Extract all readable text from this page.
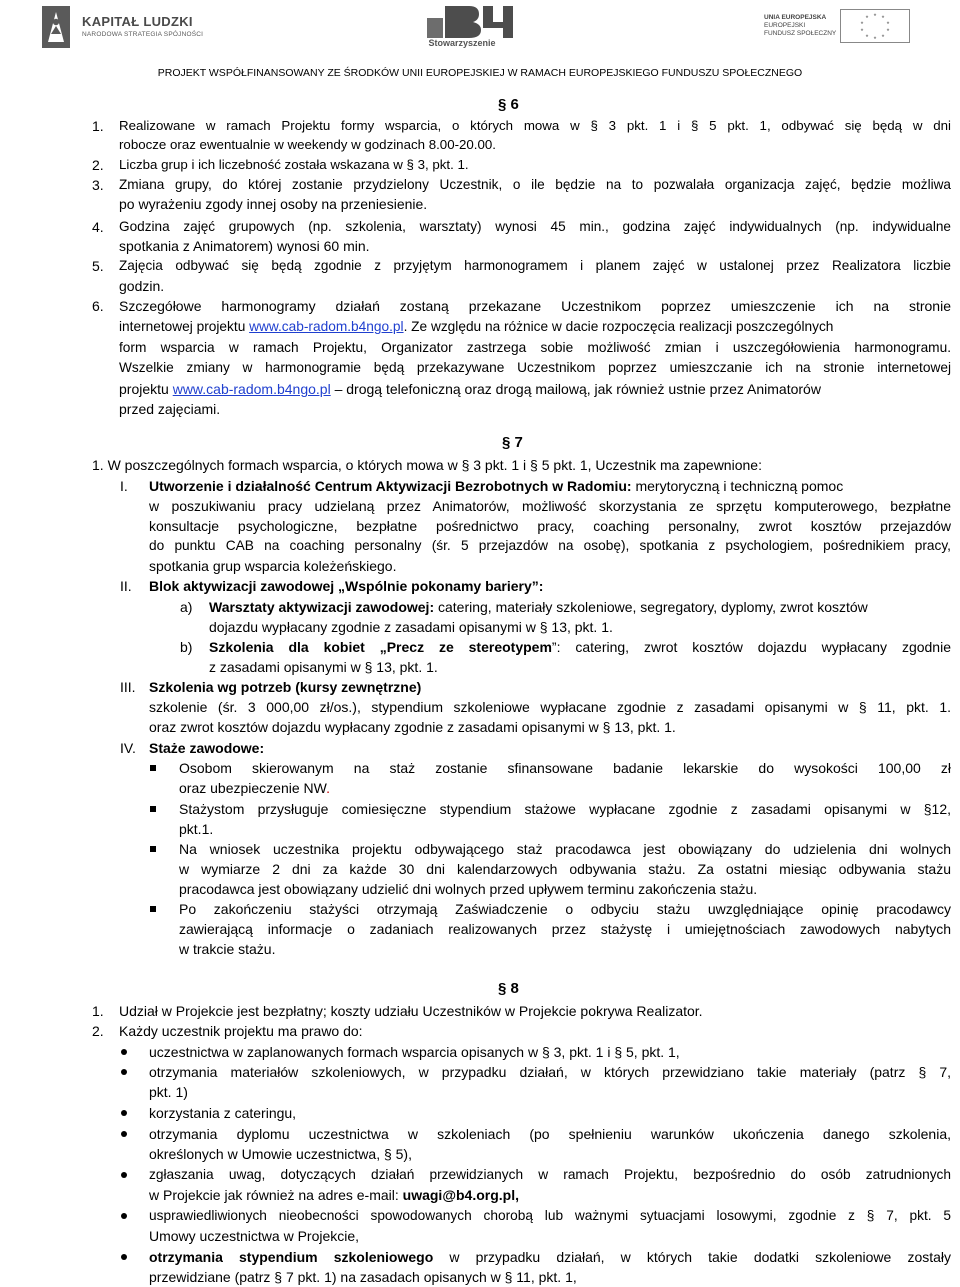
KAPITAŁ LUDZKI
NARODOWA STRATEGIA SPÓJNOŚCI
Stowarzyszenie
UNIA EUROPEJSKA
EUROPEJSKI
FUNDUSZ SPOŁECZNY
PROJEKT WSPÓŁFINANSOWANY ZE ŚRODKÓW UNII EUROPEJSKIEJ W RAMACH EUROPEJSKIEGO FUNDUSZU SPOŁECZNEGO
§ 6
1. Realizowane w ramach Projektu formy wsparcia, o których mowa w § 3 pkt. 1 i § 5 pkt. 1, odbywać się będą w dni
robocze oraz ewentualnie w weekendy w godzinach 8.00-20.00.
2. Liczba grup i ich liczebność została wskazana w § 3, pkt. 1.
3. Zmiana grupy, do której zostanie przydzielony Uczestnik, o ile będzie na to pozwalała organizacja zajęć, będzie możliwa
po wyrażeniu zgody innej osoby na przeniesienie.
4. Godzina zajęć grupowych (np. szkolenia, warsztaty) wynosi 45 min., godzina zajęć indywidualnych (np. indywidualne
spotkania z Animatorem) wynosi 60 min.
5. Zajęcia odbywać się będą zgodnie z przyjętym harmonogramem i planem zajęć w ustalonej przez Realizatora liczbie
godzin.
6. Szczegółowe harmonogramy działań zostaną przekazane Uczestnikom poprzez umieszczenie ich na stronie
internetowej projektu www.cab-radom.b4ngo.pl. Ze względu na różnice w dacie rozpoczęcia realizacji poszczególnych
form wsparcia w ramach Projektu, Organizator zastrzega sobie możliwość zmian i uszczegółowienia harmonogramu.
Wszelkie zmiany w harmonogramie będą przekazywane Uczestnikom poprzez umieszczanie ich na stronie internetowej
projektu www.cab-radom.b4ngo.pl – drogą telefoniczną oraz drogą mailową, jak również ustnie przez Animatorów
przed zajęciami.
§ 7
1. W poszczególnych formach wsparcia, o których mowa w § 3 pkt. 1 i § 5 pkt. 1, Uczestnik ma zapewnione:
I. Utworzenie i działalność Centrum Aktywizacji Bezrobotnych w Radomiu: merytoryczną i techniczną pomoc
w poszukiwaniu pracy udzielaną przez Animatorów, możliwość skorzystania ze sprzętu komputerowego, bezpłatne
konsultacje psychologiczne, bezpłatne pośrednictwo pracy, coaching personalny, zwrot kosztów przejazdów
do punktu CAB na coaching personalny (śr. 5 przejazdów na osobę), spotkania z psychologiem, pośrednikiem pracy,
spotkania grup wsparcia koleżeńskiego.
II. Blok aktywizacji zawodowej „Wspólnie pokonamy bariery”:
a) Warsztaty aktywizacji zawodowej: catering, materiały szkoleniowe, segregatory, dyplomy, zwrot kosztów
dojazdu wypłacany zgodnie z zasadami opisanymi w § 13, pkt. 1.
b) Szkolenia dla kobiet „Precz ze stereotypem”: catering, zwrot kosztów dojazdu wypłacany zgodnie
z zasadami opisanymi w § 13, pkt. 1.
III. Szkolenia wg potrzeb (kursy zewnętrzne)
szkolenie (śr. 3 000,00 zł/os.), stypendium szkoleniowe wypłacane zgodnie z zasadami opisanymi w § 11, pkt. 1.
oraz zwrot kosztów dojazdu wypłacany zgodnie z zasadami opisanymi w § 13, pkt. 1.
IV. Staże zawodowe:
Osobom skierowanym na staż zostanie sfinansowane badanie lekarskie do wysokości 100,00 zł
oraz ubezpieczenie NW.
Stażystom przysługuje comiesięczne stypendium stażowe wypłacane zgodnie z zasadami opisanymi w §12,
pkt.1.
Na wniosek uczestnika projektu odbywającego staż pracodawca jest obowiązany do udzielenia dni wolnych
w wymiarze 2 dni za każde 30 dni kalendarzowych odbywania stażu. Za ostatni miesiąc odbywania stażu
pracodawca jest obowiązany udzielić dni wolnych przed upływem terminu zakończenia stażu.
Po zakończeniu stażyści otrzymają Zaświadczenie o odbyciu stażu uwzględniające opinię pracodawcy
zawierającą informacje o zadaniach realizowanych przez stażystę i umiejętnościach zawodowych nabytych
w trakcie stażu.
§ 8
1. Udział w Projekcie jest bezpłatny; koszty udziału Uczestników w Projekcie pokrywa Realizator.
2. Każdy uczestnik projektu ma prawo do:
uczestnictwa w zaplanowanych formach wsparcia opisanych w § 3, pkt. 1 i § 5, pkt. 1,
otrzymania materiałów szkoleniowych, w przypadku działań, w których przewidziano takie materiały (patrz § 7,
pkt. 1)
korzystania z cateringu,
otrzymania dyplomu uczestnictwa w szkoleniach (po spełnieniu warunków ukończenia danego szkolenia,
określonych w Umowie uczestnictwa, § 5),
zgłaszania uwag, dotyczących działań przewidzianych w ramach Projektu, bezpośrednio do osób zatrudnionych
w Projekcie jak również na adres e-mail: uwagi@b4.org.pl,
usprawiedliwionych nieobecności spowodowanych chorobą lub ważnymi sytuacjami losowymi, zgodnie z § 7, pkt. 5
Umowy uczestnictwa w Projekcie,
otrzymania stypendium szkoleniowego w przypadku działań, w których takie dodatki szkoleniowe zostały
przewidziane (patrz § 7 pkt. 1) na zasadach opisanych w § 11, pkt. 1,
